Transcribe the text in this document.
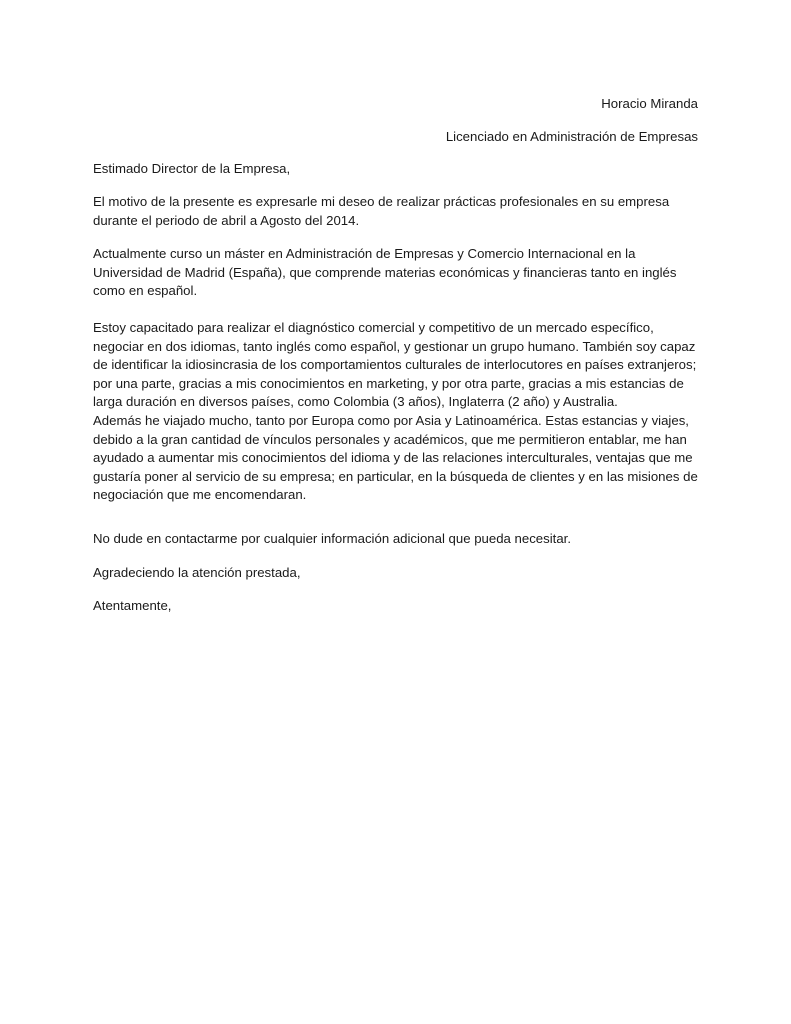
Horacio Miranda
Licenciado en Administración de Empresas
Estimado Director de la Empresa,

El motivo de la presente es expresarle mi deseo de realizar prácticas profesionales en su empresa
durante el periodo de abril a Agosto del 2014.

Actualmente curso un máster en Administración de Empresas y Comercio Internacional en la
Universidad de Madrid (España), que comprende materias económicas y financieras tanto en inglés
como en español.

Estoy capacitado para realizar el diagnóstico comercial y competitivo de un mercado específico,
negociar en dos idiomas, tanto inglés como español, y gestionar un grupo humano. También soy capaz
de identificar la idiosincrasia de los comportamientos culturales de interlocutores en países extranjeros;
por una parte, gracias a mis conocimientos en marketing, y por otra parte, gracias a mis estancias de
larga duración en diversos países, como Colombia (3 años), Inglaterra (2 año) y Australia.
Además he viajado mucho, tanto por Europa como por Asia y Latinoamérica. Estas estancias y viajes,
debido a la gran cantidad de vínculos personales y académicos, que me permitieron entablar, me han
ayudado a aumentar mis conocimientos del idioma y de las relaciones interculturales, ventajas que me
gustaría poner al servicio de su empresa; en particular, en la búsqueda de clientes y en las misiones de
negociación que me encomendaran.

No dude en contactarme por cualquier información adicional que pueda necesitar.

Agradeciendo la atención prestada,
Atentamente,
